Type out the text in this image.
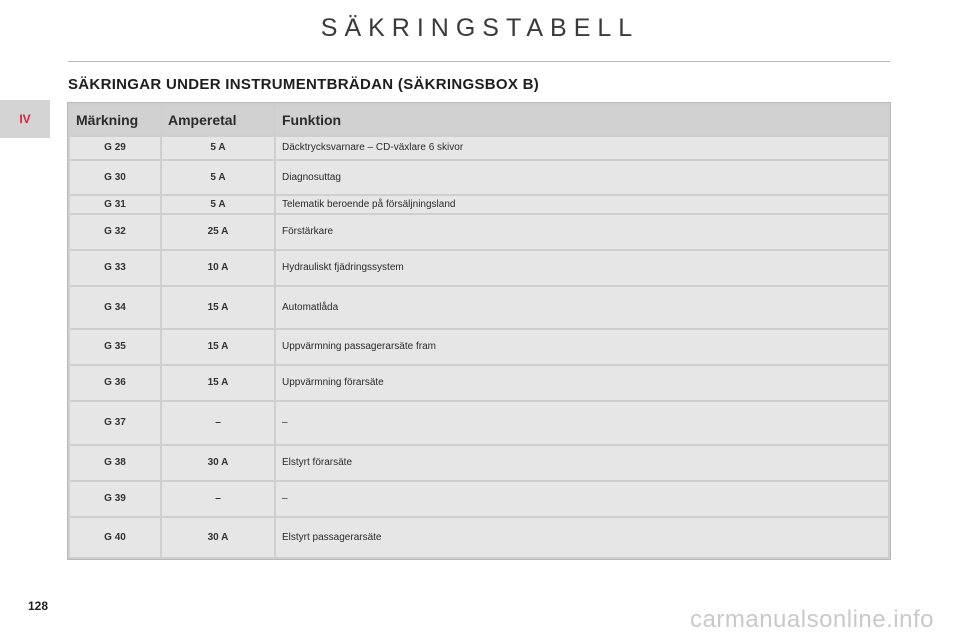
IV
SÄKRINGSTABELL
SÄKRINGAR UNDER INSTRUMENTBRÄDAN (SÄKRINGSBOX B)
Märkning	Amperetal	Funktion
G 29	5 A	Däcktrycksvarnare – CD-växlare 6 skivor
G 30	5 A	Diagnosuttag
G 31	5 A	Telematik beroende på försäljningsland
G 32	25 A	Förstärkare
G 33	10 A	Hydrauliskt fjädringssystem
G 34	15 A	Automatlåda
G 35	15 A	Uppvärmning passagerarsäte fram
G 36	15 A	Uppvärmning förarsäte
G 37	–	–
G 38	30 A	Elstyrt förarsäte
G 39	–	–
G 40	30 A	Elstyrt passagerarsäte
128	carmanualsonline.info
